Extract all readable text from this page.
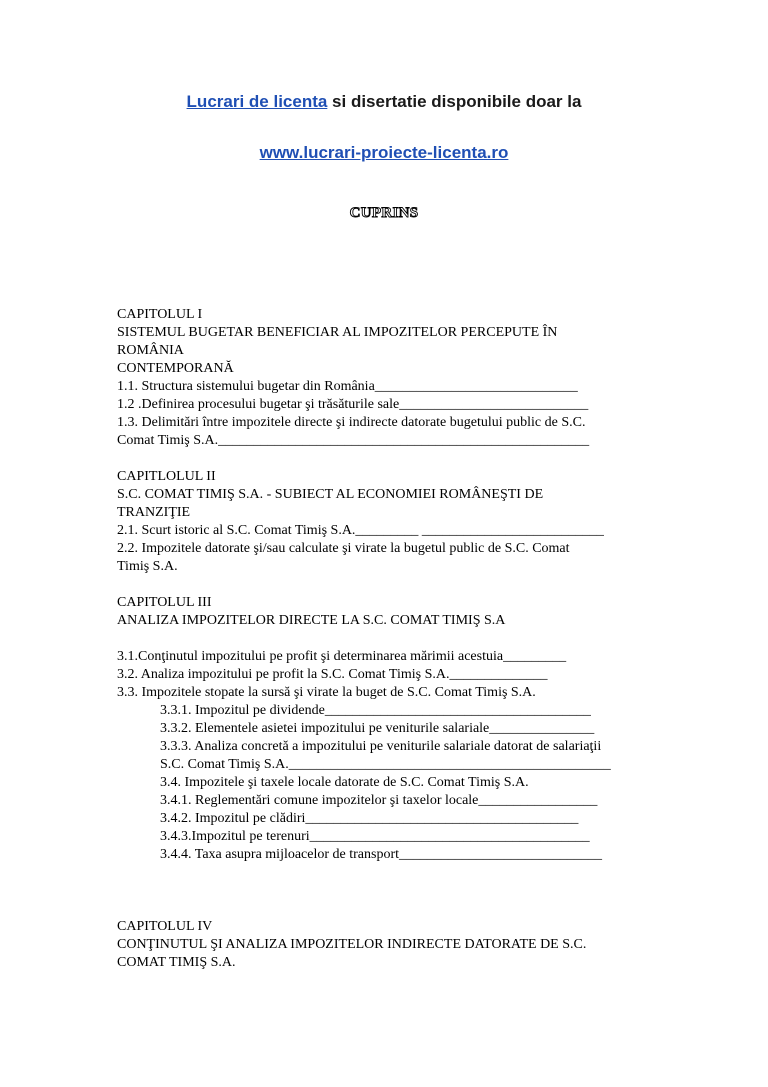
Lucrari de licenta si disertatie disponibile doar la
www.lucrari-proiecte-licenta.ro
CUPRINS
CAPITOLUL I
SISTEMUL BUGETAR BENEFICIAR AL IMPOZITELOR PERCEPUTE ÎN
ROMÂNIA
CONTEMPORANĂ
1.1. Structura sistemului bugetar din România_____________________________
1.2 .Definirea procesului bugetar şi trăsăturile sale___________________________
1.3. Delimitări între impozitele directe şi indirecte datorate bugetului public de S.C.
Comat Timiş S.A._____________________________________________________
CAPITLOLUL II
S.C. COMAT TIMIŞ S.A. - SUBIECT AL ECONOMIEI ROMÂNEŞTI DE
TRANZIŢIE
2.1. Scurt istoric al S.C. Comat Timiş S.A._________ __________________________
2.2. Impozitele datorate şi/sau calculate şi virate la bugetul public de S.C. Comat
Timiş S.A.
CAPITOLUL III
ANALIZA IMPOZITELOR DIRECTE LA S.C. COMAT TIMIŞ S.A
3.1.Conţinutul impozitului pe profit şi determinarea mărimii acestuia_________
3.2. Analiza impozitului pe profit la S.C. Comat Timiş S.A.______________
3.3. Impozitele stopate la sursă şi virate la buget de S.C. Comat Timiş S.A.
3.3.1. Impozitul pe dividende______________________________________
3.3.2. Elementele asietei impozitului pe veniturile salariale_______________
3.3.3. Analiza concretă a impozitului pe veniturile salariale datorat de salariaţii
S.C. Comat Timiş S.A.______________________________________________
3.4. Impozitele şi taxele locale datorate de S.C. Comat Timiş S.A.
3.4.1. Reglementări comune impozitelor şi taxelor locale_________________
3.4.2. Impozitul pe clădiri_______________________________________
3.4.3.Impozitul pe terenuri________________________________________
3.4.4. Taxa asupra mijloacelor de transport_____________________________
CAPITOLUL IV
CONŢINUTUL ŞI ANALIZA IMPOZITELOR INDIRECTE DATORATE DE S.C.
COMAT TIMIŞ S.A.
